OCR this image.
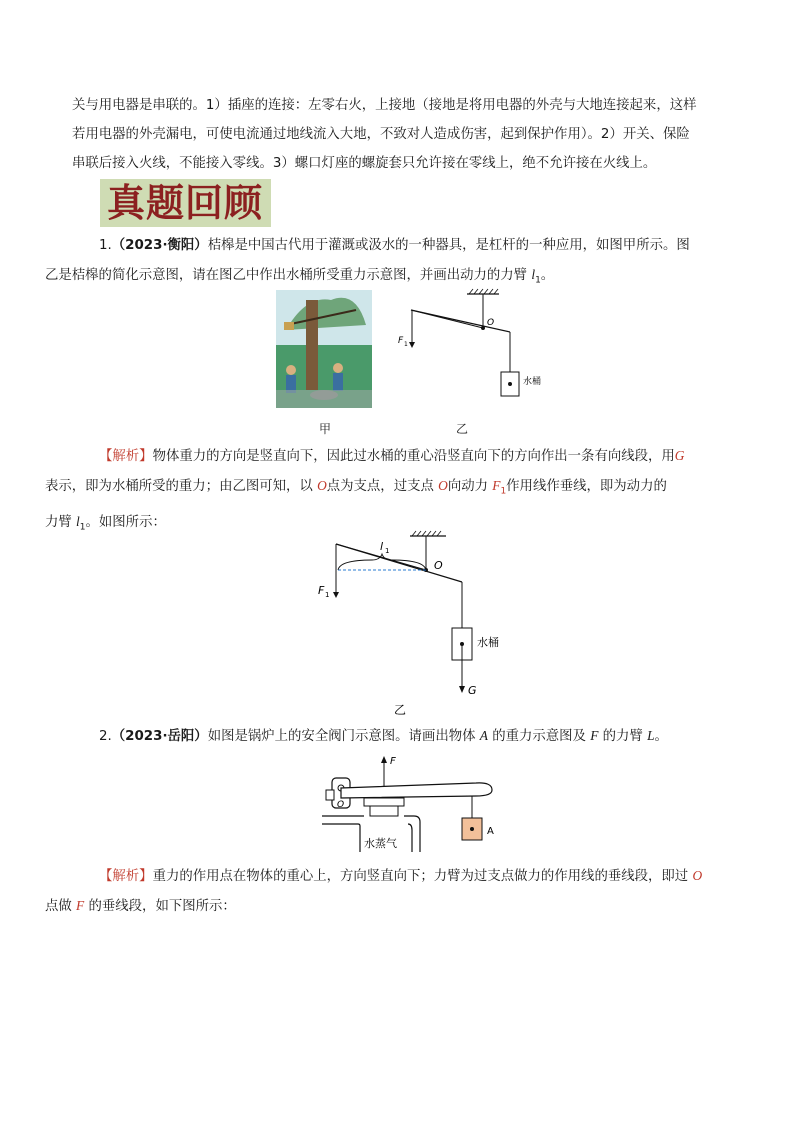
关与用电器是串联的。1）插座的连接：左零右火，上接地（接地是将用电器的外壳与大地连接起来，这样
若用电器的外壳漏电，可使电流通过地线流入大地，不致对人造成伤害，起到保护作用）。2）开关、保险
串联后接入火线，不能接入零线。3）螺口灯座的螺旋套只允许接在零线上，绝不允许接在火线上。
真题回顾
1.（2023·衡阳）桔槔是中国古代用于灌溉或汲水的一种器具，是杠杆的一种应用，如图甲所示。图
乙是桔槔的简化示意图，请在图乙中作出水桶所受重力示意图，并画出动力的力臂 $l_1$。
甲
F 1
O
水桶
乙
【解析】物体重力的方向是竖直向下，因此过水桶的重心沿竖直向下的方向作出一条有向线段，用G
表示，即为水桶所受的重力；由乙图可知，以 O点为支点，过支点 O向动力 $F_1$作用线作垂线，即为动力的
力臂 $l_1$。如图所示：
l 1
O
F 1
水桶
G
乙
2.（2023·岳阳）如图是锅炉上的安全阀门示意图。请画出物体 A 的重力示意图及 F 的力臂 L。
F
O
A
水蒸气
【解析】重力的作用点在物体的重心上，方向竖直向下；力臂为过支点做力的作用线的垂线段，即过 O
点做 F 的垂线段，如下图所示：
